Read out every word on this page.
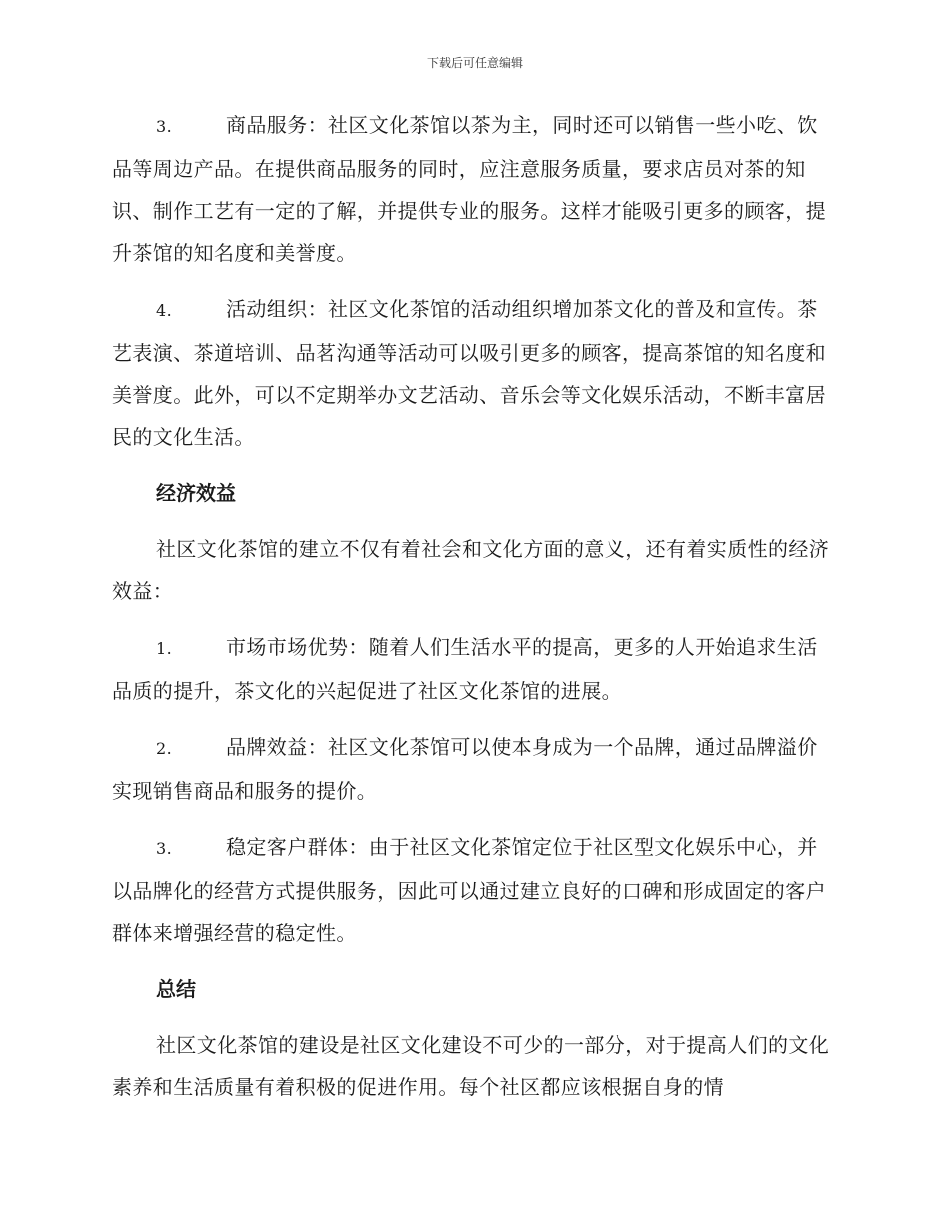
下载后可任意编辑
3.	商品服务：社区文化茶馆以茶为主，同时还可以销售一些小吃、饮品等周边产品。在提供商品服务的同时，应注意服务质量，要求店员对茶的知识、制作工艺有一定的了解，并提供专业的服务。这样才能吸引更多的顾客，提升茶馆的知名度和美誉度。
4.	活动组织：社区文化茶馆的活动组织增加茶文化的普及和宣传。茶艺表演、茶道培训、品茗沟通等活动可以吸引更多的顾客，提高茶馆的知名度和美誉度。此外，可以不定期举办文艺活动、音乐会等文化娱乐活动，不断丰富居民的文化生活。
经济效益

社区文化茶馆的建立不仅有着社会和文化方面的意义，还有着实质性的经济效益：

1.	市场市场优势：随着人们生活水平的提高，更多的人开始追求生活品质的提升，茶文化的兴起促进了社区文化茶馆的进展。
2.	品牌效益：社区文化茶馆可以使本身成为一个品牌，通过品牌溢价实现销售商品和服务的提价。
3.	稳定客户群体：由于社区文化茶馆定位于社区型文化娱乐中心，并以品牌化的经营方式提供服务，因此可以通过建立良好的口碑和形成固定的客户群体来增强经营的稳定性。
总结

社区文化茶馆的建设是社区文化建设不可少的一部分，对于提高人们的文化素养和生活质量有着积极的促进作用。每个社区都应该根据自身的情
